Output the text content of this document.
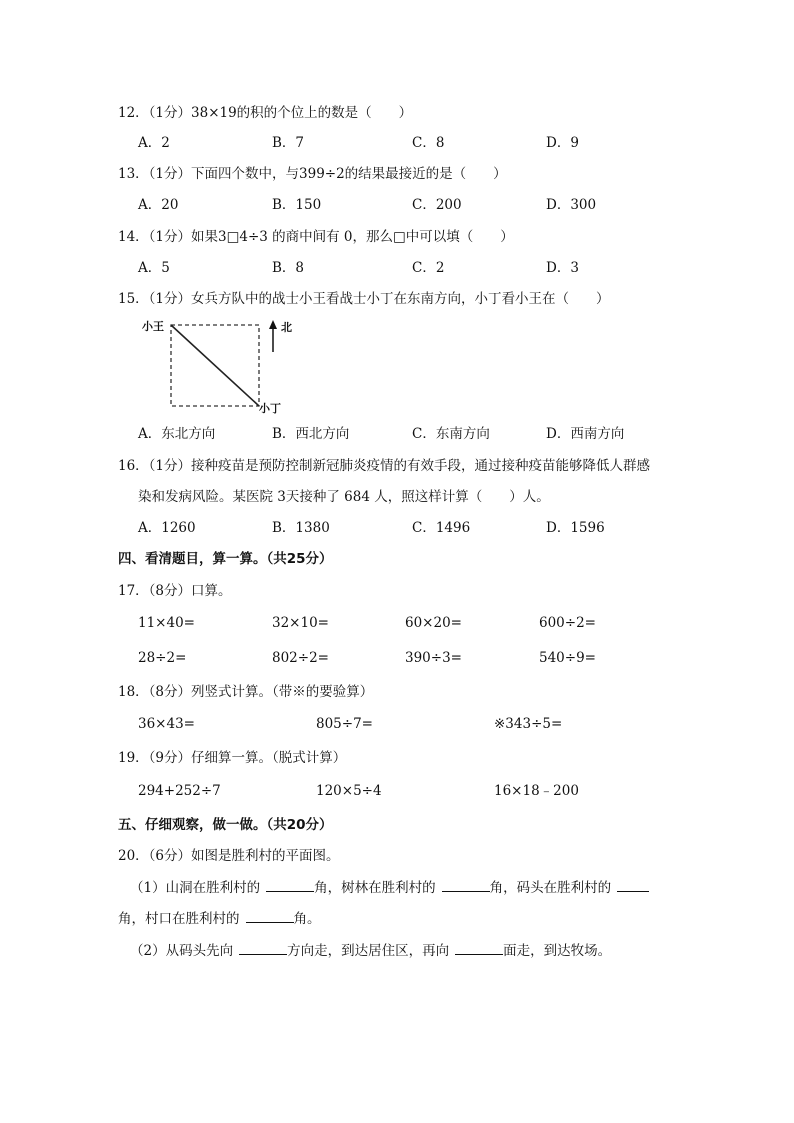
12．（1分）38×19的积的个位上的数是（　　）
A．2	B．7	C．8	D．9
13．（1分）下面四个数中，与399÷2的结果最接近的是（　　）
A．20	B．150	C．200	D．300
14．（1分）如果3□4÷3 的商中间有 0，那么□中可以填（　　）
A．5	B．8	C．2	D．3
15．（1分）女兵方队中的战士小王看战士小丁在东南方向，小丁看小王在（　　）
小王
小丁
北
A．东北方向	B．西北方向	C．东南方向	D．西南方向
16．（1分）接种疫苗是预防控制新冠肺炎疫情的有效手段，通过接种疫苗能够降低人群感
染和发病风险。某医院 3天接种了 684 人，照这样计算（　　）人。
A．1260	B．1380	C．1496	D．1596
四、看清题目，算一算。（共25分）
17．（8分）口算。
11×40=	32×10=	60×20=	600÷2=
28÷2=	802÷2=	390÷3=	540÷9=
18．（8分）列竖式计算。（带※的要验算）
36×43=	805÷7=	※343÷5=
19．（9分）仔细算一算。（脱式计算）
294+252÷7	120×5÷4	16×18﹣200
五、仔细观察，做一做。（共20分）
20．（6分）如图是胜利村的平面图。
（1）山洞在胜利村的	角，树林在胜利村的	角，码头在胜利村的
角，村口在胜利村的	角。
（2）从码头先向	方向走，到达居住区，再向	面走，到达牧场。
